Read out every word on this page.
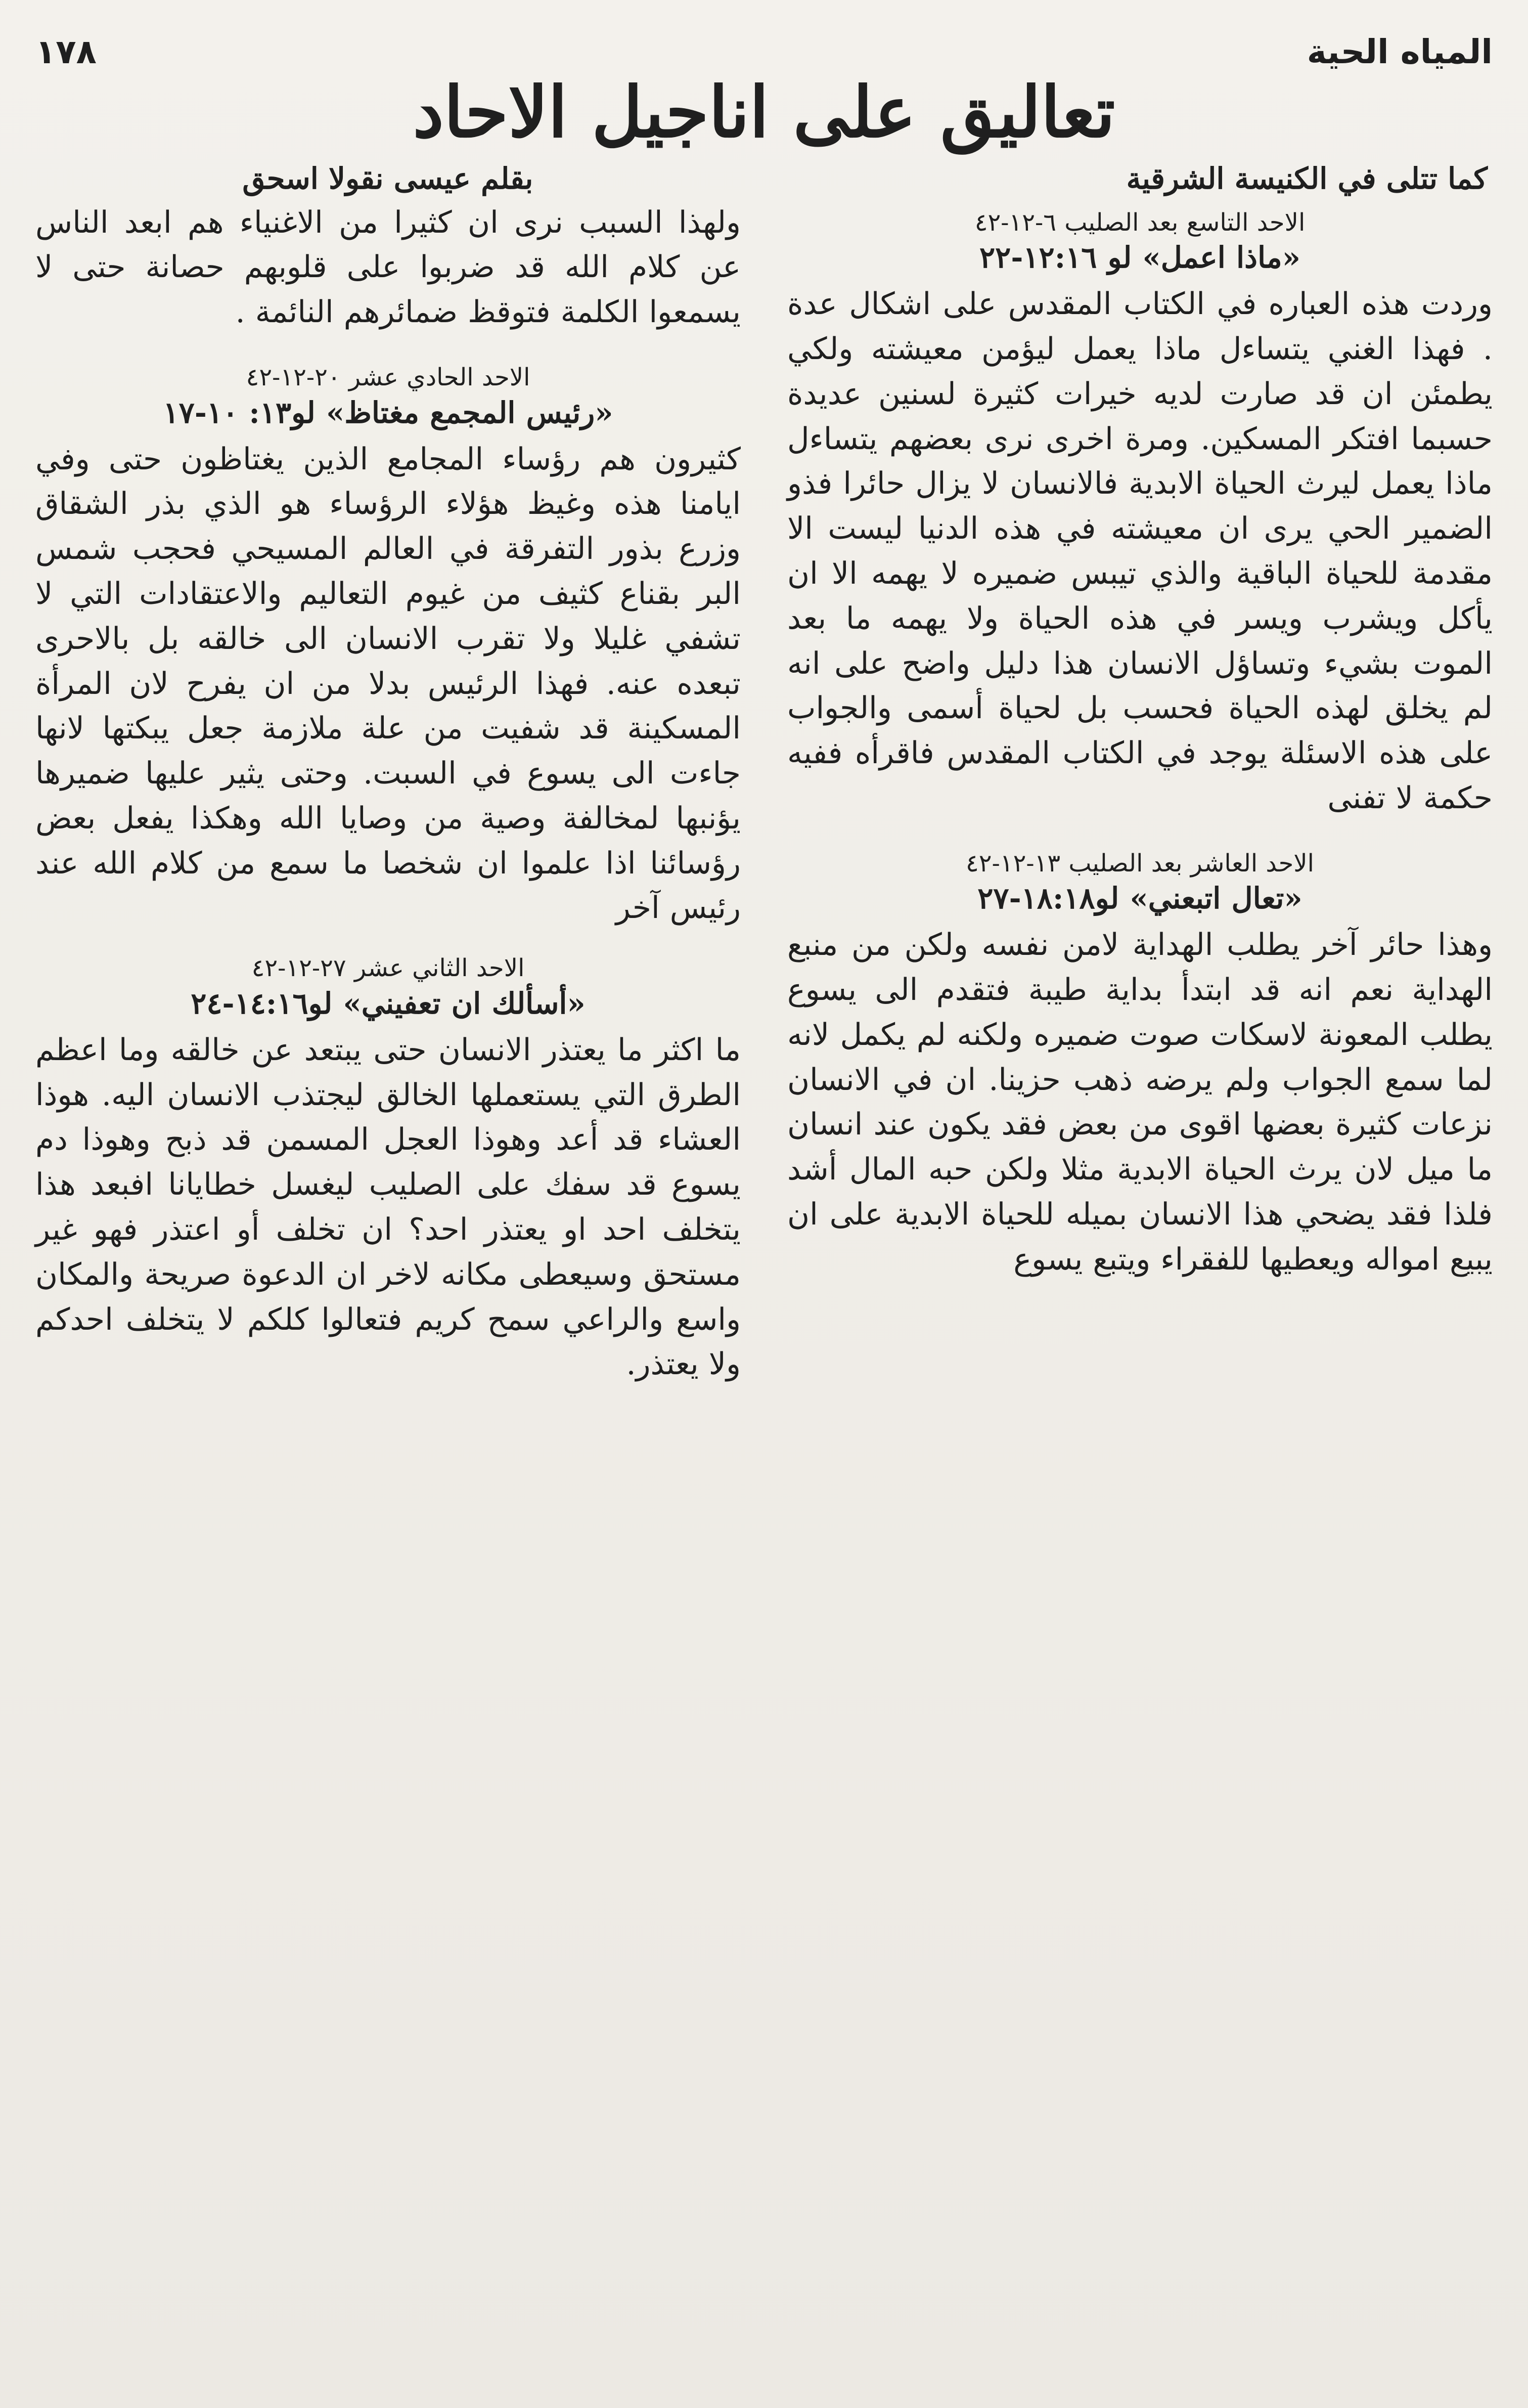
١٧٨	المياه الحية
تعاليق على اناجيل الاحاد
كما تتلى في الكنيسة الشرقية
بقلم عيسى نقولا اسحق
الاحد التاسع بعد الصليب ٦-١٢-٤٢
«ماذا اعمل» لو ١٢:١٦-٢٢

وردت هذه العباره في الكتاب المقدس على اشكال عدة . فهذا الغني يتساءل ماذا يعمل ليؤمن معيشته ولكي يطمئن ان قد صارت لديه خيرات كثيرة لسنين عديدة حسبما افتكر المسكين. ومرة اخرى نرى بعضهم يتساءل ماذا يعمل ليرث الحياة الابدية فالانسان لا يزال حائرا فذو الضمير الحي يرى ان معيشته في هذه الدنيا ليست الا مقدمة للحياة الباقية والذي تيبس ضميره لا يهمه الا ان يأكل ويشرب ويسر في هذه الحياة ولا يهمه ما بعد الموت بشيء وتساؤل الانسان هذا دليل واضح على انه لم يخلق لهذه الحياة فحسب بل لحياة أسمى والجواب على هذه الاسئلة يوجد في الكتاب المقدس فاقرأه ففيه حكمة لا تفنى

الاحد العاشر بعد الصليب ١٣-١٢-٤٢
«تعال اتبعني» لو١٨:١٨-٢٧

وهذا حائر آخر يطلب الهداية لامن نفسه ولكن من منبع الهداية نعم انه قد ابتدأ بداية طيبة فتقدم الى يسوع يطلب المعونة لاسكات صوت ضميره ولكنه لم يكمل لانه لما سمع الجواب ولم يرضه ذهب حزينا. ان في الانسان نزعات كثيرة بعضها اقوى من بعض فقد يكون عند انسان ما ميل لان يرث الحياة الابدية مثلا ولكن حبه المال أشد فلذا فقد يضحي هذا الانسان بميله للحياة الابدية على ان يبيع امواله ويعطيها للفقراء ويتبع يسوع

ولهذا السبب نرى ان كثيرا من الاغنياء هم ابعد الناس عن كلام الله قد ضربوا على قلوبهم حصانة حتى لا يسمعوا الكلمة فتوقظ ضمائرهم النائمة .

الاحد الحادي عشر ٢٠-١٢-٤٢
«رئيس المجمع مغتاظ» لو١٣: ١٠-١٧

كثيرون هم رؤساء المجامع الذين يغتاظون حتى وفي ايامنا هذه وغيظ هؤلاء الرؤساء هو الذي بذر الشقاق وزرع بذور التفرقة في العالم المسيحي فحجب شمس البر بقناع كثيف من غيوم التعاليم والاعتقادات التي لا تشفي غليلا ولا تقرب الانسان الى خالقه بل بالاحرى تبعده عنه. فهذا الرئيس بدلا من ان يفرح لان المرأة المسكينة قد شفيت من علة ملازمة جعل يبكتها لانها جاءت الى يسوع في السبت. وحتى يثير عليها ضميرها يؤنبها لمخالفة وصية من وصايا الله وهكذا يفعل بعض رؤسائنا اذا علموا ان شخصا ما سمع من كلام الله عند رئيس آخر

الاحد الثاني عشر ٢٧-١٢-٤٢
«أسألك ان تعفيني» لو١٤:١٦-٢٤

ما اكثر ما يعتذر الانسان حتى يبتعد عن خالقه وما اعظم الطرق التي يستعملها الخالق ليجتذب الانسان اليه. هوذا العشاء قد أعد وهوذا العجل المسمن قد ذبح وهوذا دم يسوع قد سفك على الصليب ليغسل خطايانا افبعد هذا يتخلف احد او يعتذر احد؟ ان تخلف أو اعتذر فهو غير مستحق وسيعطى مكانه لاخر ان الدعوة صريحة والمكان واسع والراعي سمح كريم فتعالوا كلكم لا يتخلف احدكم ولا يعتذر.
